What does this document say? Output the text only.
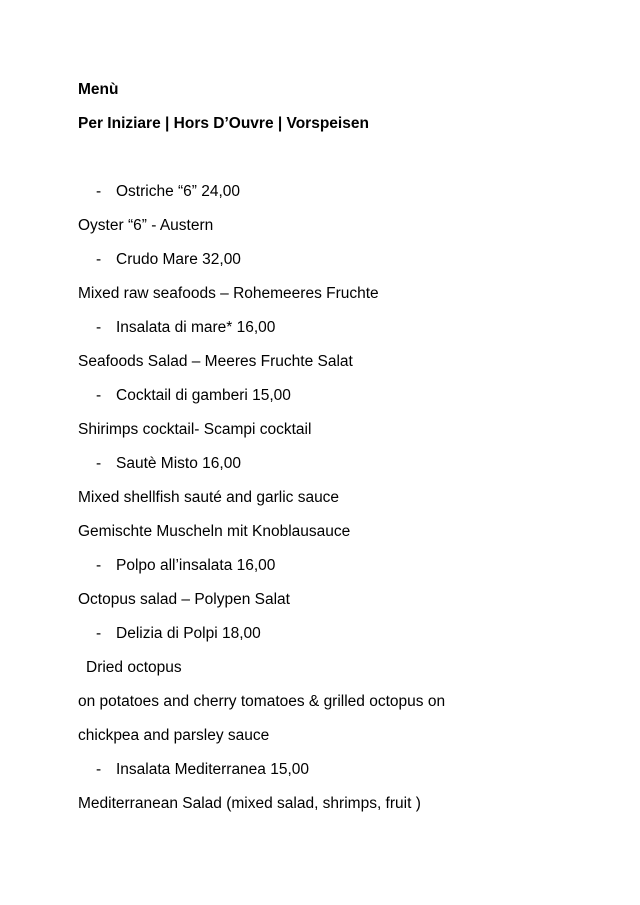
Menù
Per Iniziare | Hors D’Ouvre | Vorspeisen
- Ostriche “6” 24,00
Oyster “6” - Austern
- Crudo Mare 32,00
Mixed raw seafoods – Rohemeeres Fruchte
- Insalata di mare* 16,00
Seafoods Salad – Meeres Fruchte Salat
- Cocktail di gamberi 15,00
Shirimps cocktail- Scampi cocktail
- Sautè Misto 16,00
Mixed shellfish sauté and garlic sauce
Gemischte Muscheln mit Knoblausauce
- Polpo all’insalata 16,00
Octopus salad – Polypen Salat
- Delizia di Polpi 18,00
Dried octopus
on potatoes and cherry tomatoes & grilled octopus on
chickpea and parsley sauce
- Insalata Mediterranea 15,00
Mediterranean Salad (mixed salad, shrimps, fruit )
